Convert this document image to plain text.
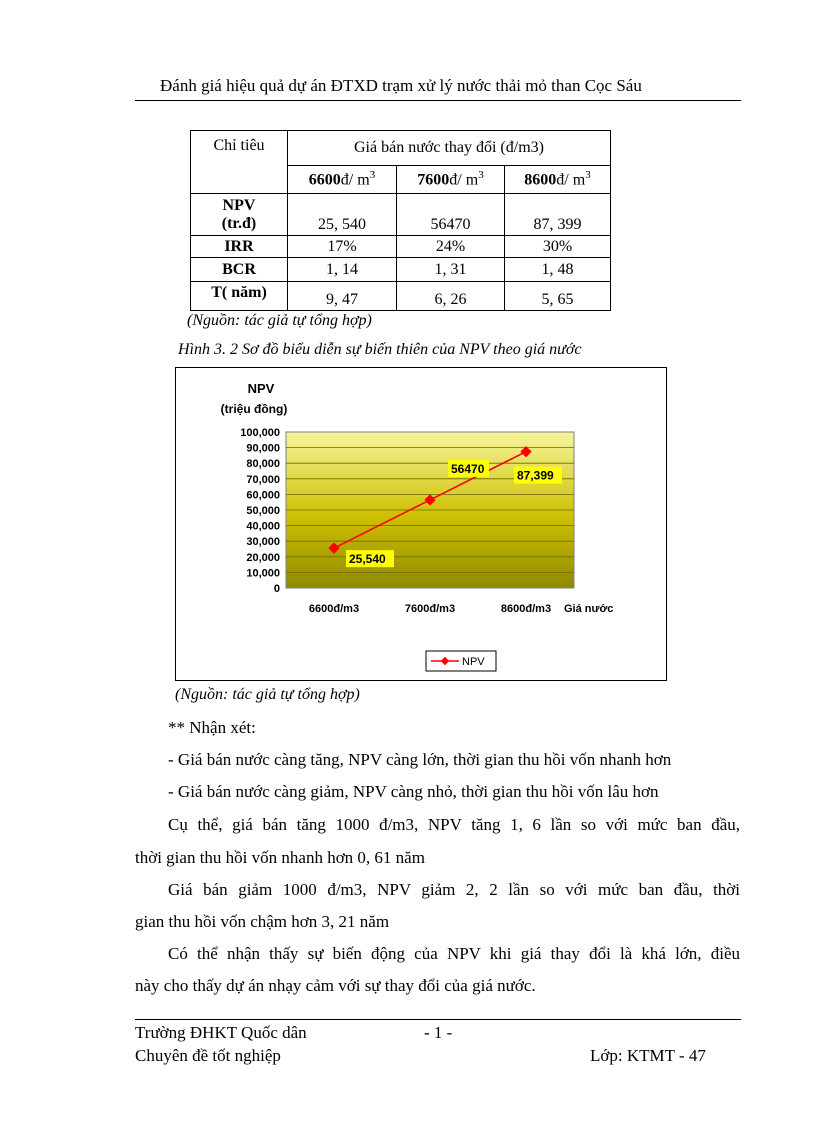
Đánh giá hiệu quả dự án ĐTXD trạm xử lý nước thải mỏ than Cọc Sáu
Chỉ tiêu	Giá bán nước thay đổi (đ/m3)		
	6600đ/ $m^3$	7600đ/ $m^3$	8600đ/ $m^3$
NPV
(tr.đ)	25, 540	56470	87, 399
IRR	17%	24%	30%
BCR	1, 14	1, 31	1, 48
T( năm)	9, 47	6, 26	5, 65
(Nguồn: tác giả tự tổng hợp)
Hình 3. 2 Sơ đồ biểu diễn sự biến thiên của NPV theo giá nước
NPV
(triệu đồng)
0
10,000
20,000
30,000
40,000
50,000
60,000
70,000
80,000
90,000
100,000
6600đ/m3	7600đ/m3	8600đ/m3
25,540
56470	87,399
Giá nước
NPV
(Nguồn: tác giả tự tổng hợp)
** Nhận xét:
- Giá bán nước càng tăng, NPV càng lớn, thời gian thu hồi vốn nhanh hơn
- Giá bán nước càng giảm, NPV càng nhỏ, thời gian thu hồi vốn lâu hơn
Cụ thể, giá bán tăng 1000 đ/m3, NPV tăng 1, 6 lần so với mức ban đầu,
thời gian thu hồi vốn nhanh hơn 0, 61 năm
Giá bán giảm 1000 đ/m3, NPV giảm 2, 2 lần so với mức ban đầu, thời
gian thu hồi vốn chậm hơn 3, 21 năm
Có thể nhận thấy sự biến động của NPV khi giá thay đổi là khá lớn, điều
này cho thấy dự án nhạy cảm với sự thay đổi của giá nước.
Trường ĐHKT Quốc dân	- 1 -
Chuyên đề tốt nghiệp	Lớp: KTMT - 47
